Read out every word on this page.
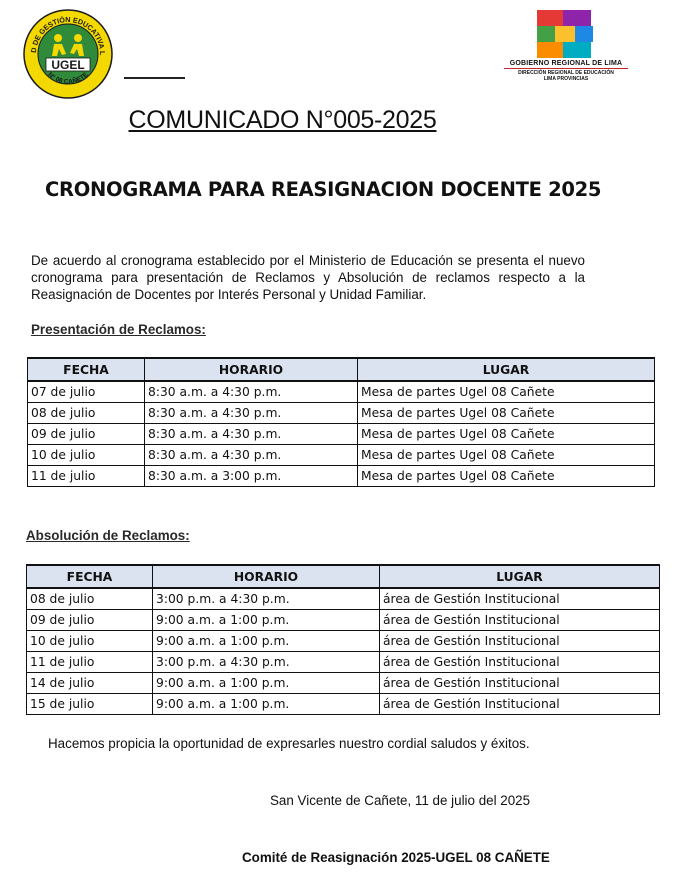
D DE GESTIÓN EDUCATIVA L
N° 08 CAÑETE
UGEL	GOBIERNO REGIONAL DE LIMA
DIRECCIÓN REGIONAL DE EDUCACIÓN
LIMA PROVINCIAS
COMUNICADO N°005-2025
CRONOGRAMA PARA REASIGNACION DOCENTE 2025
De acuerdo al cronograma establecido por el Ministerio de Educación se presenta el nuevo cronograma para presentación de Reclamos y Absolución de reclamos respecto a la Reasignación de Docentes por Interés Personal y Unidad Familiar.
Presentación de Reclamos:
FECHA	HORARIO	LUGAR
07 de julio	8:30 a.m. a 4:30 p.m.	Mesa de partes Ugel 08 Cañete
08 de julio	8:30 a.m. a 4:30 p.m.	Mesa de partes Ugel 08 Cañete
09 de julio	8:30 a.m. a 4:30 p.m.	Mesa de partes Ugel 08 Cañete
10 de julio	8:30 a.m. a 4:30 p.m.	Mesa de partes Ugel 08 Cañete
11 de julio	8:30 a.m. a 3:00 p.m.	Mesa de partes Ugel 08 Cañete
Absolución de Reclamos:
FECHA	HORARIO	LUGAR
08 de julio	3:00 p.m. a 4:30 p.m.	área de Gestión Institucional
09 de julio	9:00 a.m. a 1:00 p.m.	área de Gestión Institucional
10 de julio	9:00 a.m. a 1:00 p.m.	área de Gestión Institucional
11 de julio	3:00 p.m. a 4:30 p.m.	área de Gestión Institucional
14 de julio	9:00 a.m. a 1:00 p.m.	área de Gestión Institucional
15 de julio	9:00 a.m. a 1:00 p.m.	área de Gestión Institucional
Hacemos propicia la oportunidad de expresarles nuestro cordial saludos y éxitos.
San Vicente de Cañete, 11 de julio del 2025
Comité de Reasignación 2025-UGEL 08 CAÑETE
